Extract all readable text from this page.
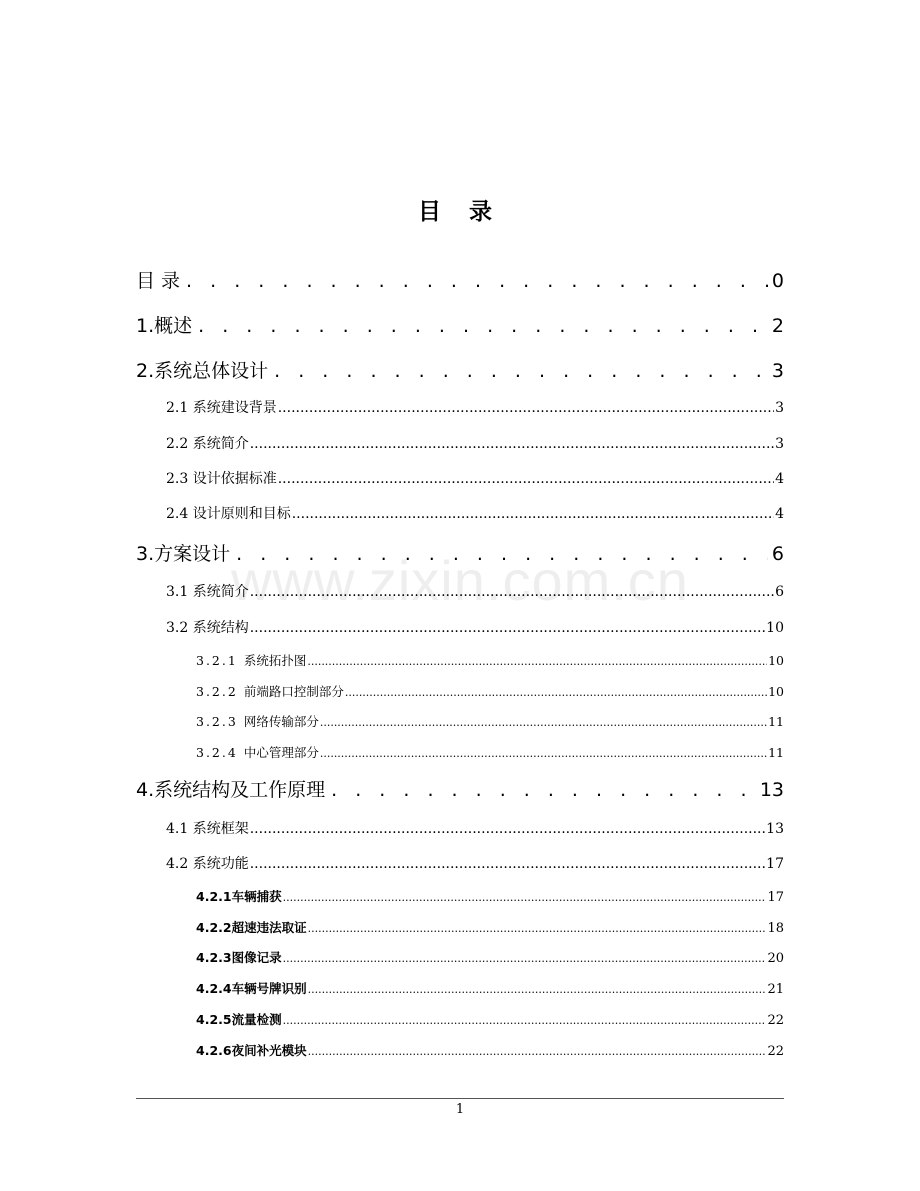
目 录
www.zixin.com.cn
目 录 . . .	0
1.概述 . . .	2
2.系统总体设计 . . .	3
2.1 系统建设背景 .....	3
2.2 系统简介 .....	3
2.3 设计依据标准 .....	4
2.4 设计原则和目标 .....	4
3.方案设计 . . .	6
3.1 系统简介 .....	6
3.2 系统结构 .....	10
3.2.1 系统拓扑图 .....	10
3.2.2 前端路口控制部分 .....	10
3.2.3 网络传输部分 .....	11
3.2.4 中心管理部分 .....	11
4.系统结构及工作原理 . . .	13
4.1 系统框架 .....	13
4.2 系统功能 .....	17
4.2.1车辆捕获 .....	17
4.2.2超速违法取证 .....	18
4.2.3图像记录 .....	20
4.2.4车辆号牌识别 .....	21
4.2.5流量检测 .....	22
4.2.6夜间补光模块 .....	22
1
